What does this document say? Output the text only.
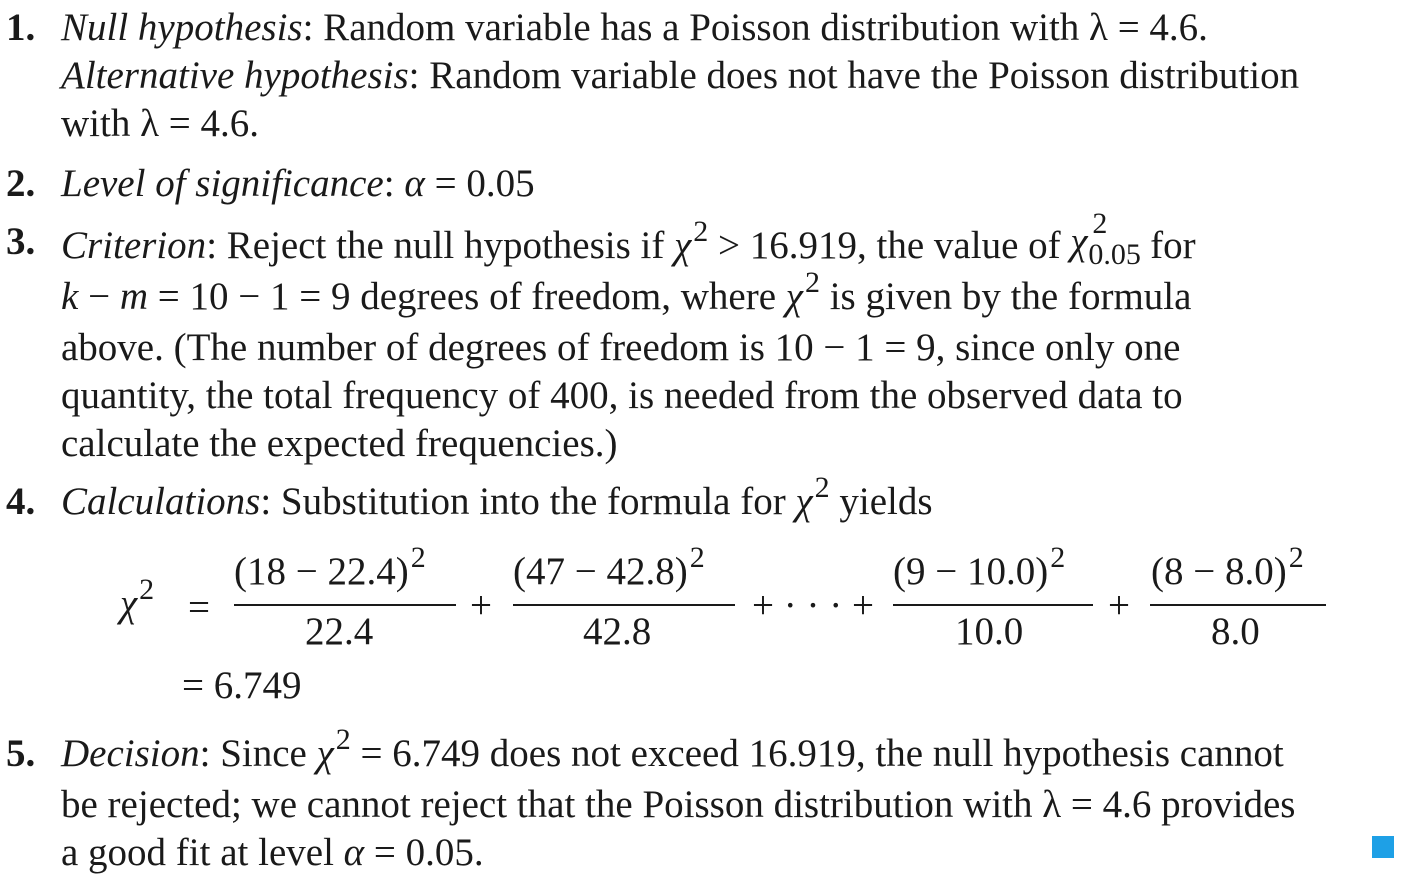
1. Null hypothesis: Random variable has a Poisson distribution with λ = 4.6.
Alternative hypothesis: Random variable does not have the Poisson distribution
with λ = 4.6.
2. Level of significance: α = 0.05
3. Criterion: Reject the null hypothesis if $\chi^2 > 16.919$, the value of χ 2
0.05 for
k − m = 10 − 1 = 9 degrees of freedom, where $\chi^2$ is given by the formula
above. (The number of degrees of freedom is 10 − 1 = 9, since only one
quantity, the total frequency of 400, is needed from the observed data to
calculate the expected frequencies.)
4. Calculations: Substitution into the formula for $\chi^2$ yields
$\chi^2$ =
$(18 - 22.4)^2$
22.4
+
$(47 - 42.8)^2$
42.8
+ · · · +
$(9 - 10.0)^2$
10.0
+
$(8 - 8.0)^2$
8.0
= 6.749
5. Decision: Since $\chi^2 = 6.749$ does not exceed 16.919, the null hypothesis cannot
be rejected; we cannot reject that the Poisson distribution with λ = 4.6 provides
a good fit at level α = 0.05.
